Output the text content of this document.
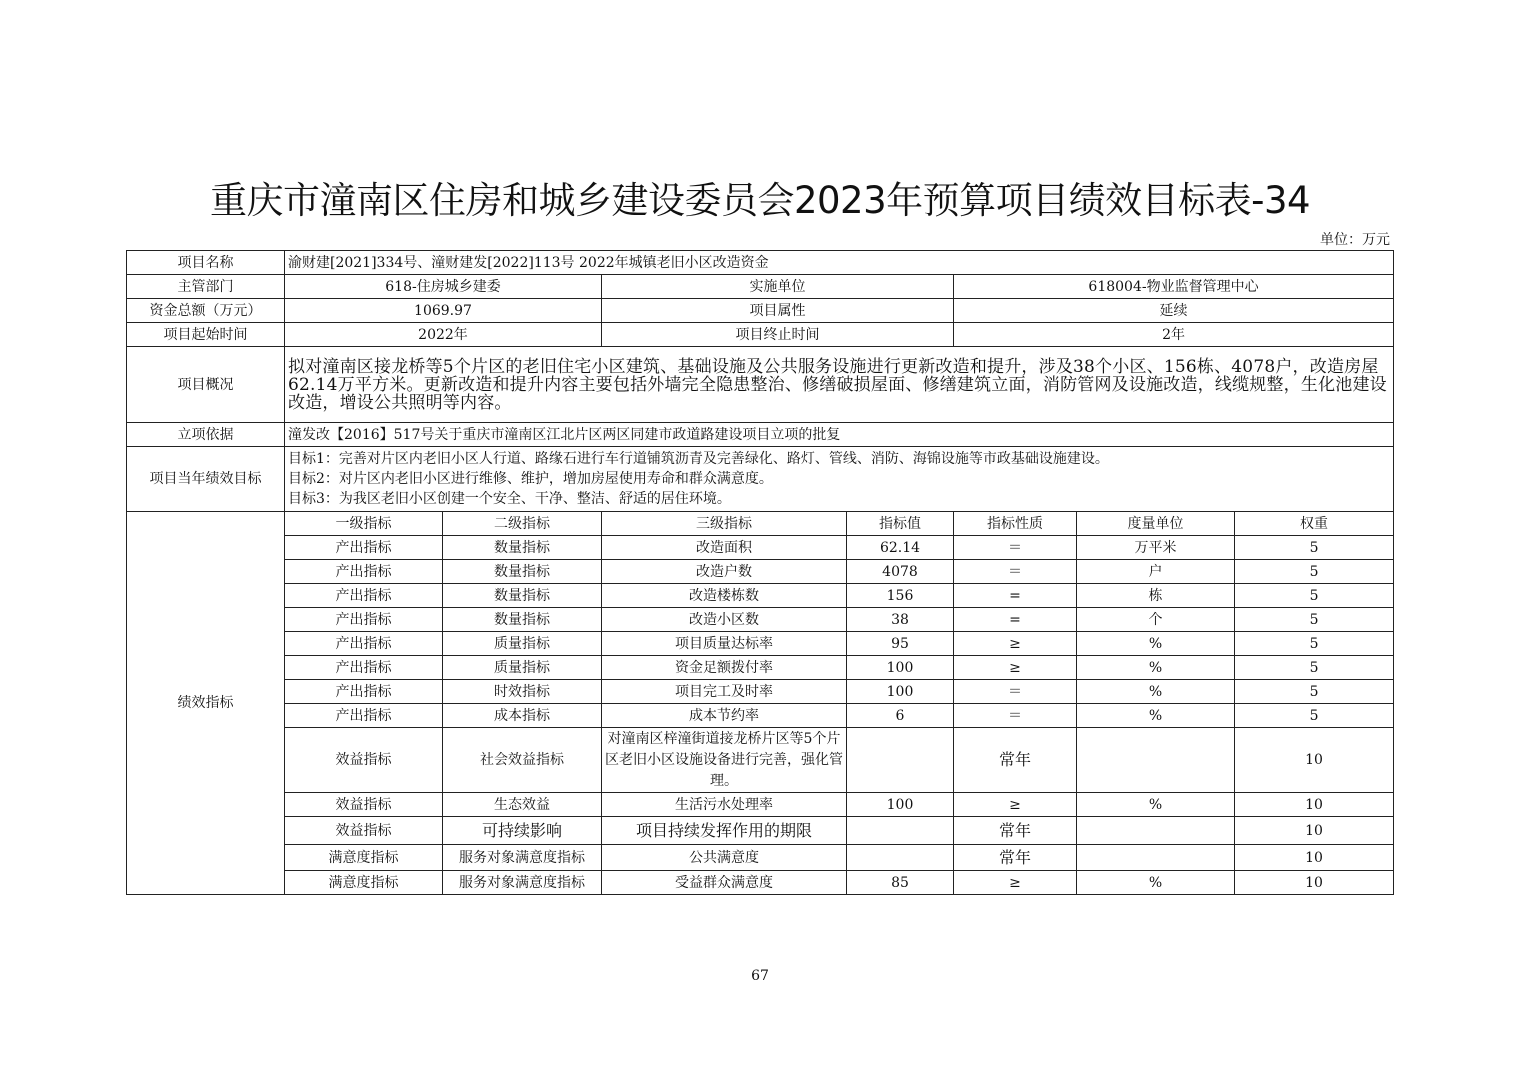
重庆市潼南区住房和城乡建设委员会2023年预算项目绩效目标表-34
单位：万元
项目名称	渝财建[2021]334号、潼财建发[2022]113号 2022年城镇老旧小区改造资金						
主管部门	618-住房城乡建委		实施单位		618004-物业监督管理中心		
资金总额（万元）	1069.97		项目属性		延续		
项目起始时间	2022年		项目终止时间		2年		
项目概况	拟对潼南区接龙桥等5个片区的老旧住宅小区建筑、基础设施及公共服务设施进行更新改造和提升，涉及38个小区、156栋、4078户，改造房屋62.14万平方米。更新改造和提升内容主要包括外墙完全隐患整治、修缮破损屋面、修缮建筑立面，消防管网及设施改造，线缆规整，生化池建设改造，增设公共照明等内容。						
立项依据	潼发改【2016】517号关于重庆市潼南区江北片区两区同建市政道路建设项目立项的批复						
项目当年绩效目标	目标1：完善对片区内老旧小区人行道、路缘石进行车行道铺筑沥青及完善绿化、路灯、管线、消防、海锦设施等市政基础设施建设。
目标2：对片区内老旧小区进行维修、维护，增加房屋使用寿命和群众满意度。
目标3：为我区老旧小区创建一个安全、干净、整洁、舒适的居住环境。						

绩效指标	一级指标	二级指标	三级指标	指标值	指标性质	度量单位	权重
	产出指标	数量指标	改造面积	62.14	＝	万平米	5
	产出指标	数量指标	改造户数	4078	＝	户	5
	产出指标	数量指标	改造楼栋数	156	=	栋	5
	产出指标	数量指标	改造小区数	38	=	个	5
	产出指标	质量指标	项目质量达标率	95	≥	%	5
	产出指标	质量指标	资金足额拨付率	100	≥	%	5
	产出指标	时效指标	项目完工及时率	100	＝	%	5
	产出指标	成本指标	成本节约率	6	＝	%	5
	效益指标	社会效益指标	对潼南区梓潼街道接龙桥片区等5个片区老旧小区设施设备进行完善，强化管理。		常年		10
	效益指标	生态效益	生活污水处理率	100	≥	%	10
	效益指标	可持续影响	项目持续发挥作用的期限		常年		10
	满意度指标	服务对象满意度指标	公共满意度		常年		10
	满意度指标	服务对象满意度指标	受益群众满意度	85	≥	%	10
67
